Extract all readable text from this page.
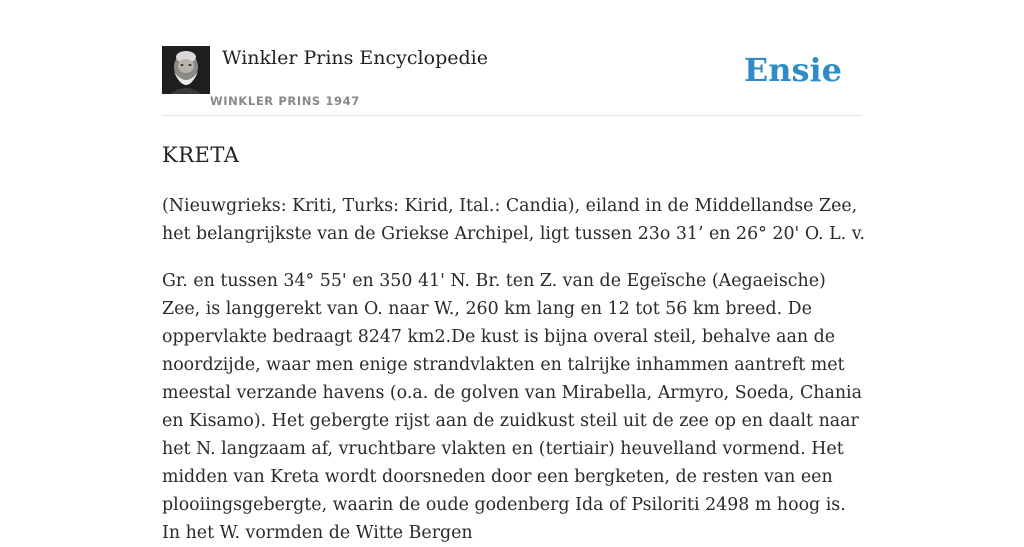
Winkler Prins Encyclopedie
WINKLER PRINS 1947
Ensie
KRETA

(Nieuwgrieks: Kriti, Turks: Kirid, Ital.: Candia), eiland in de Middellandse Zee, het belangrijkste van de Griekse Archipel, ligt tussen 23o 31’ en 26° 20' O. L. v.

Gr. en tussen 34° 55' en 350 41' N. Br. ten Z. van de Egeïsche (Aegaeische) Zee, is langgerekt van O. naar W., 260 km lang en 12 tot 56 km breed. De oppervlakte bedraagt 8247 km2.De kust is bijna overal steil, behalve aan de noordzijde, waar men enige strandvlakten en talrijke inhammen aantreft met meestal verzande havens (o.a. de golven van Mirabella, Armyro, Soeda, Chania en Kisamo). Het gebergte rijst aan de zuidkust steil uit de zee op en daalt naar het N. langzaam af, vruchtbare vlakten en (tertiair) heuvelland vormend. Het midden van Kreta wordt doorsneden door een bergketen, de resten van een plooiingsgebergte, waarin de oude godenberg Ida of Psiloriti 2498 m hoog is. In het W. vormden de Witte Bergen
